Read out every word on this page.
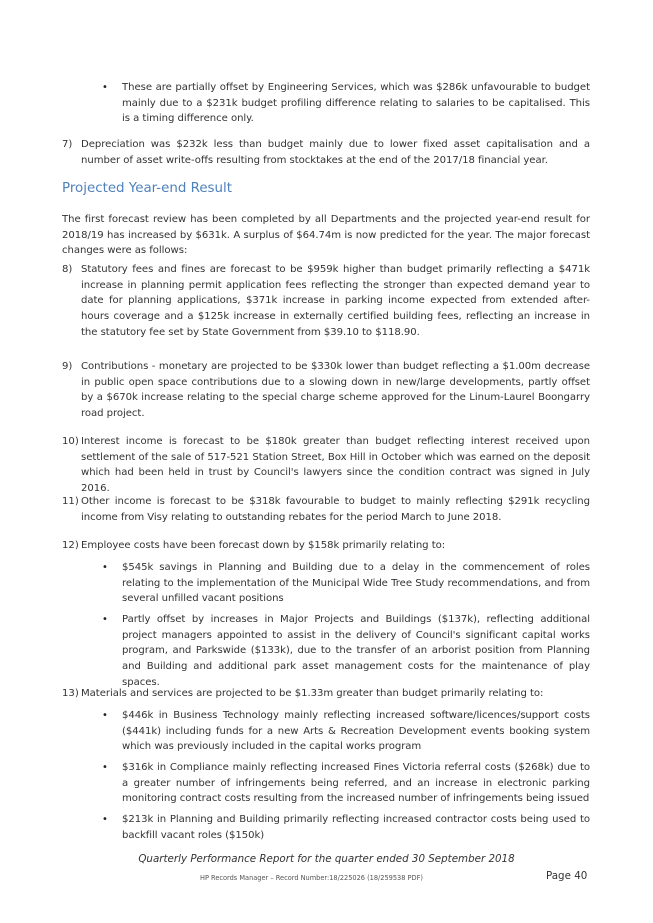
• These are partially offset by Engineering Services, which was $286k unfavourable to budget mainly due to a $231k budget profiling difference relating to salaries to be capitalised. This is a timing difference only.

7) Depreciation was $232k less than budget mainly due to lower fixed asset capitalisation and a number of asset write-offs resulting from stocktakes at the end of the 2017/18 financial year.

Projected Year-end Result

The first forecast review has been completed by all Departments and the projected year-end result for 2018/19 has increased by $631k. A surplus of $64.74m is now predicted for the year. The major forecast changes were as follows:

8) Statutory fees and fines are forecast to be $959k higher than budget primarily reflecting a $471k increase in planning permit application fees reflecting the stronger than expected demand year to date for planning applications, $371k increase in parking income expected from extended after-hours coverage and a $125k increase in externally certified building fees, reflecting an increase in the statutory fee set by State Government from $39.10 to $118.90.

9) Contributions - monetary are projected to be $330k lower than budget reflecting a $1.00m decrease in public open space contributions due to a slowing down in new/large developments, partly offset by a $670k increase relating to the special charge scheme approved for the Linum-Laurel Boongarry road project.

10) Interest income is forecast to be $180k greater than budget reflecting interest received upon settlement of the sale of 517-521 Station Street, Box Hill in October which was earned on the deposit which had been held in trust by Council's lawyers since the condition contract was signed in July 2016.

11) Other income is forecast to be $318k favourable to budget to mainly reflecting $291k recycling income from Visy relating to outstanding rebates for the period March to June 2018.

12) Employee costs have been forecast down by $158k primarily relating to:

• $545k savings in Planning and Building due to a delay in the commencement of roles relating to the implementation of the Municipal Wide Tree Study recommendations, and from several unfilled vacant positions

• Partly offset by increases in Major Projects and Buildings ($137k), reflecting additional project managers appointed to assist in the delivery of Council's significant capital works program, and Parkswide ($133k), due to the transfer of an arborist position from Planning and Building and additional park asset management costs for the maintenance of play spaces.

13) Materials and services are projected to be $1.33m greater than budget primarily relating to:

• $446k in Business Technology mainly reflecting increased software/licences/support costs ($441k) including funds for a new Arts & Recreation Development events booking system which was previously included in the capital works program

• $316k in Compliance mainly reflecting increased Fines Victoria referral costs ($268k) due to a greater number of infringements being referred, and an increase in electronic parking monitoring contract costs resulting from the increased number of infringements being issued

• $213k in Planning and Building primarily reflecting increased contractor costs being used to backfill vacant roles ($150k)

Quarterly Performance Report for the quarter ended 30 September 2018
HP Records Manager – Record Number:18/225026 (18/259538 PDF)	Page 40
